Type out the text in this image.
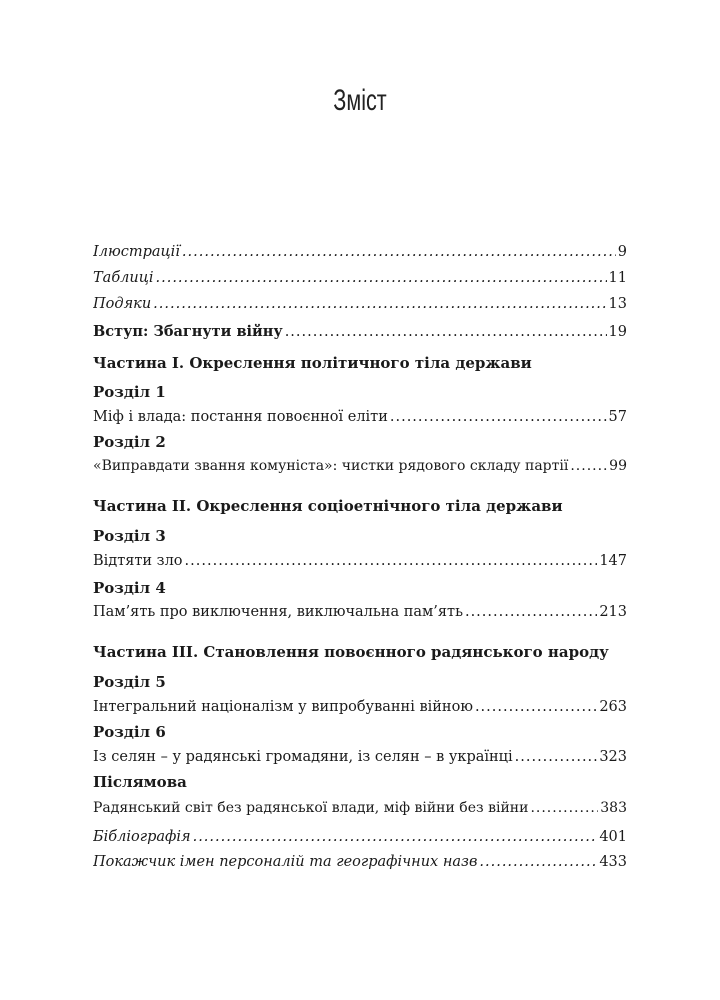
Зміст
Ілюстрації .....	9
Таблиці .....	11
Подяки .....	13
Вступ: Збагнути війну .....	19
Частина I. Окреслення політичного тіла держави
Розділ 1
Міф і влада: постання повоєнної еліти .....	57
Розділ 2
«Виправдати звання комуніста»: чистки рядового складу партії .....	99
Частина II. Окреслення соціоетнічного тіла держави
Розділ 3
Відтяти зло .....	147
Розділ 4
Пам’ять про виключення, виключальна пам’ять .....	213
Частина III. Становлення повоєнного радянського народу
Розділ 5
Інтегральний націоналізм у випробуванні війною .....	263
Розділ 6
Із селян – у радянські громадяни, із селян – в українці .....	323
Післямова
Радянський світ без радянської влади, міф війни без війни .....	383
Бібліографія .....	401
Покажчик імен персоналій та географічних назв .....	433
